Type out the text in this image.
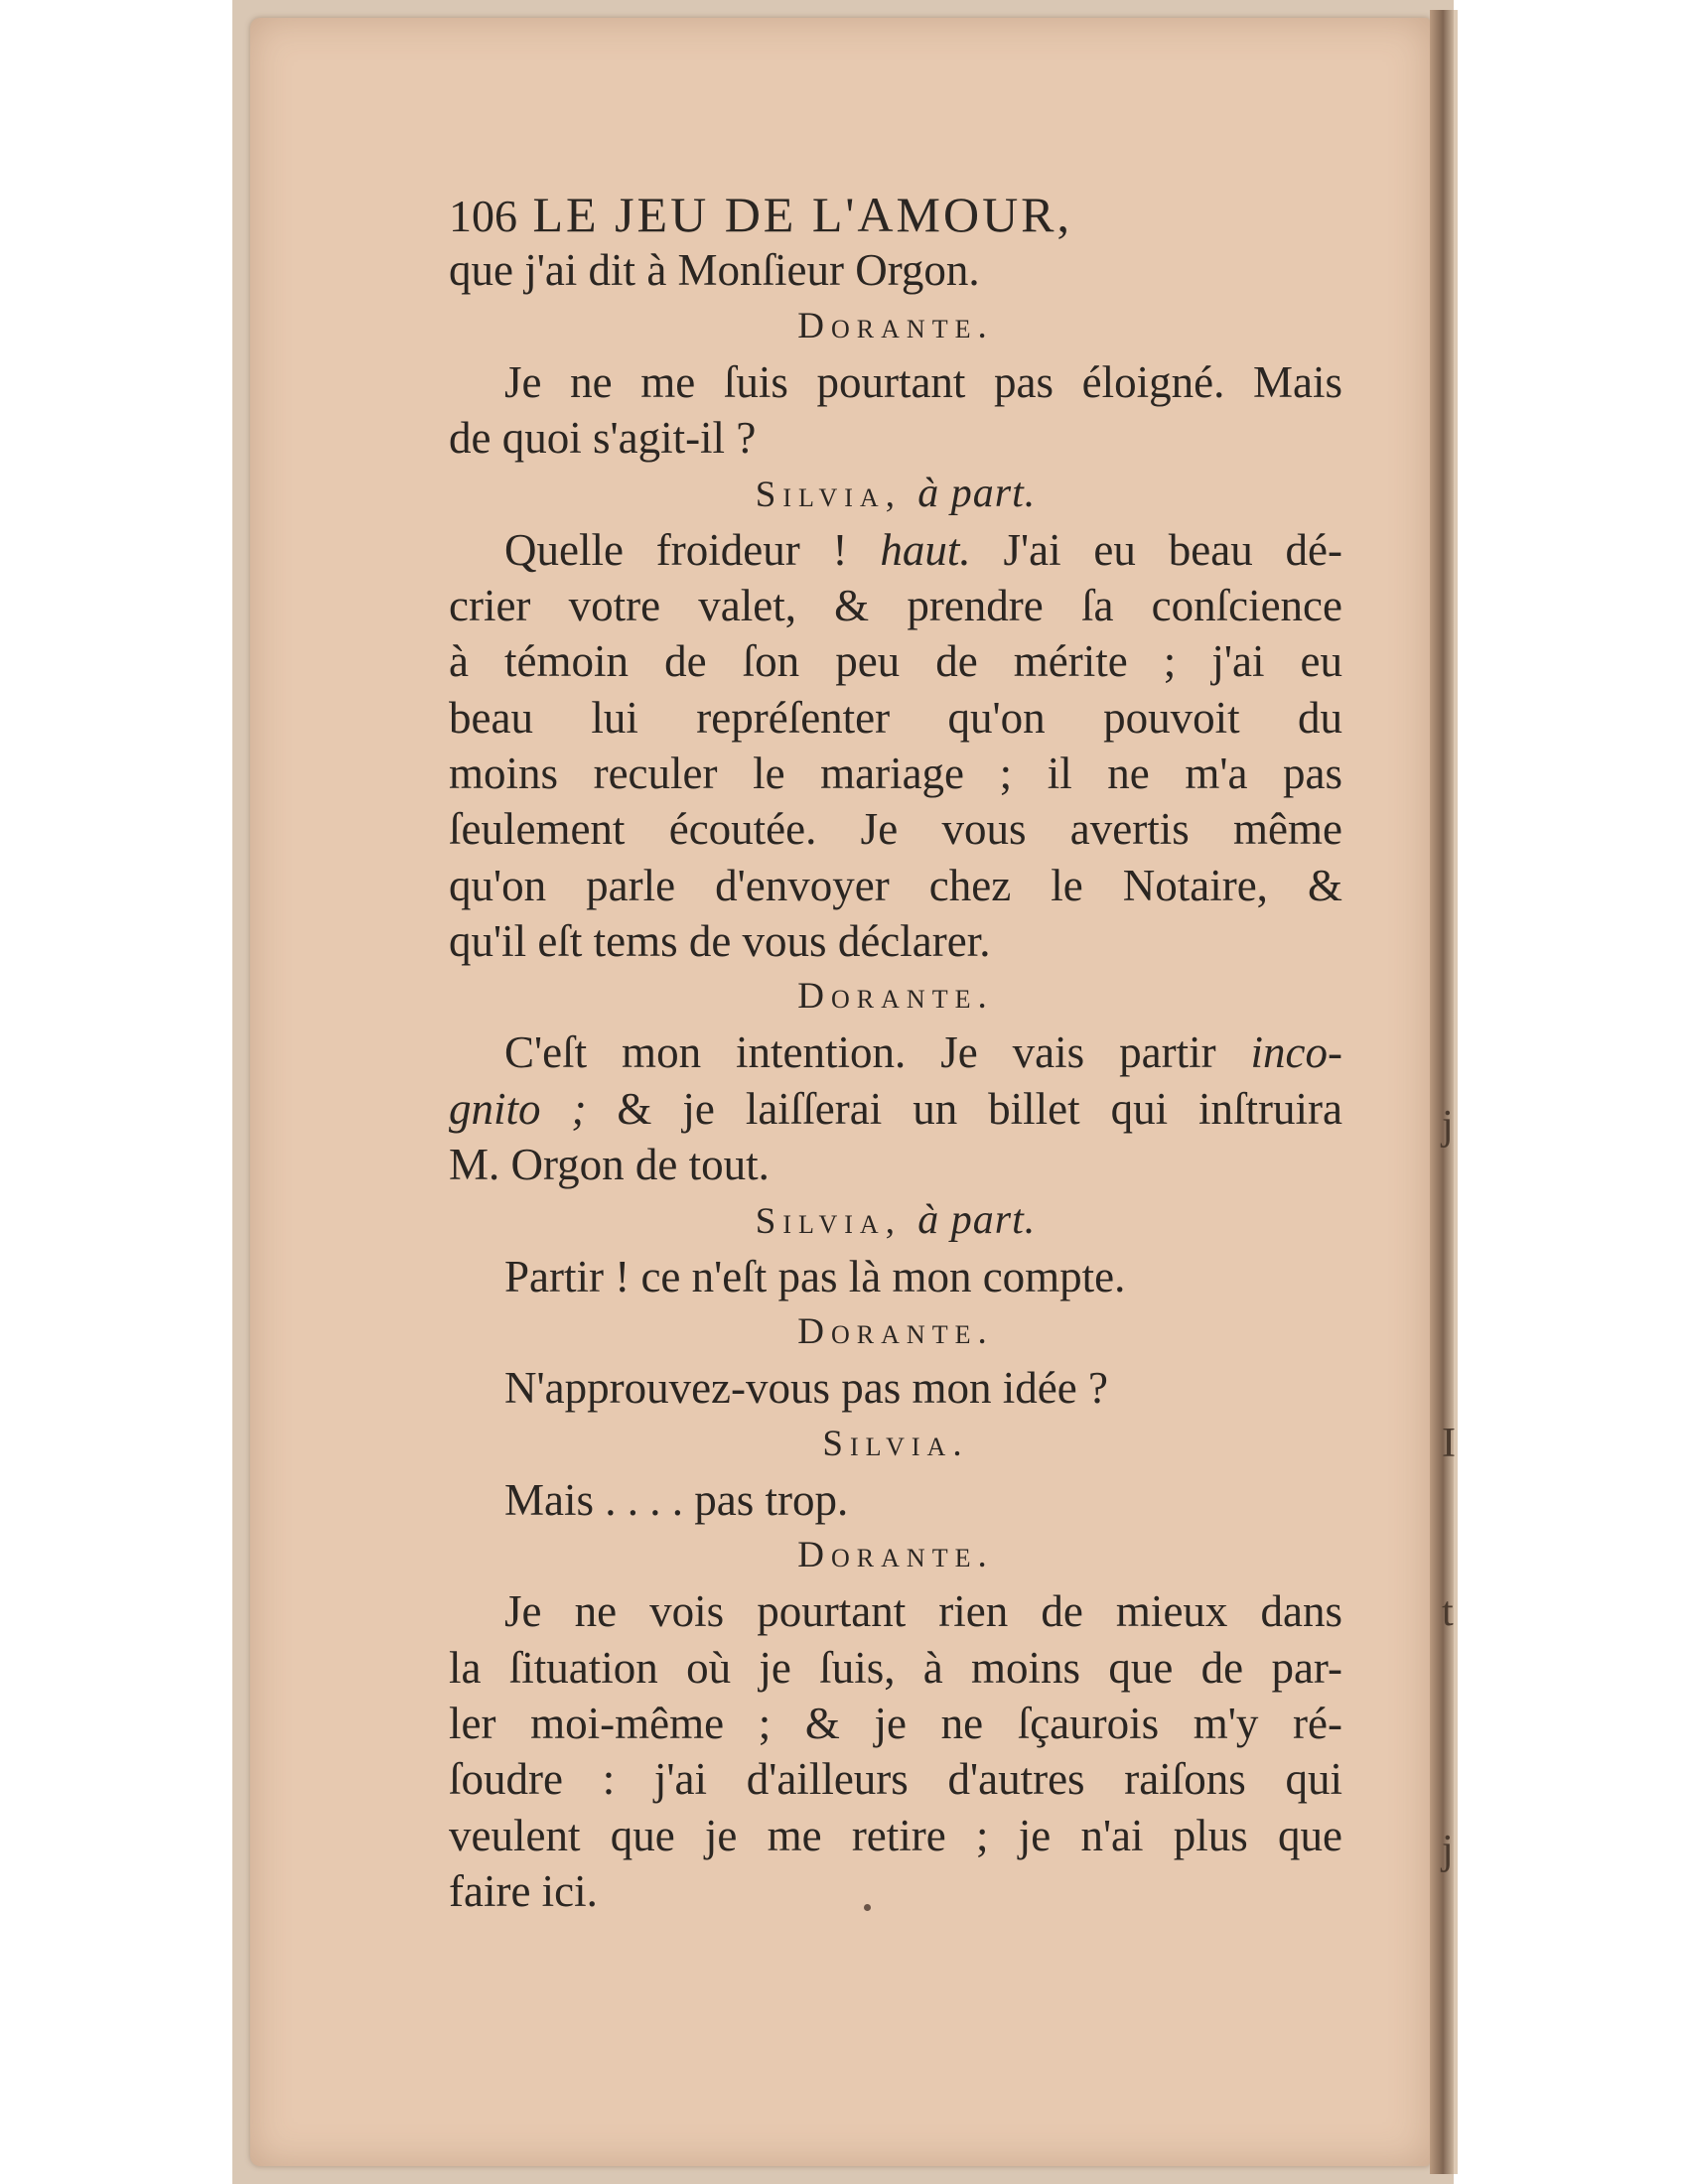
j
I
t
j
106 LE JEU DE L'AMOUR,
que j'ai dit à Monſieur Orgon.
Dorante.
Je ne me ſuis pourtant pas éloigné. Mais
de quoi s'agit-il ?
Silvia, à part.
Quelle froideur ! haut. J'ai eu beau dé-
crier votre valet, & prendre ſa conſcience
à témoin de ſon peu de mérite ; j'ai eu
beau lui repréſenter qu'on pouvoit du
moins reculer le mariage ; il ne m'a pas
ſeulement écoutée. Je vous avertis même
qu'on parle d'envoyer chez le Notaire, &
qu'il eſt tems de vous déclarer.
Dorante.
C'eſt mon intention. Je vais partir inco-
gnito ; & je laiſſerai un billet qui inſtruira
M. Orgon de tout.
Silvia, à part.
Partir ! ce n'eſt pas là mon compte.
Dorante.
N'approuvez-vous pas mon idée ?
Silvia.
Mais . . . . pas trop.
Dorante.
Je ne vois pourtant rien de mieux dans
la ſituation où je ſuis, à moins que de par-
ler moi-même ; & je ne ſçaurois m'y ré-
ſoudre : j'ai d'ailleurs d'autres raiſons qui
veulent que je me retire ; je n'ai plus que
faire ici.
